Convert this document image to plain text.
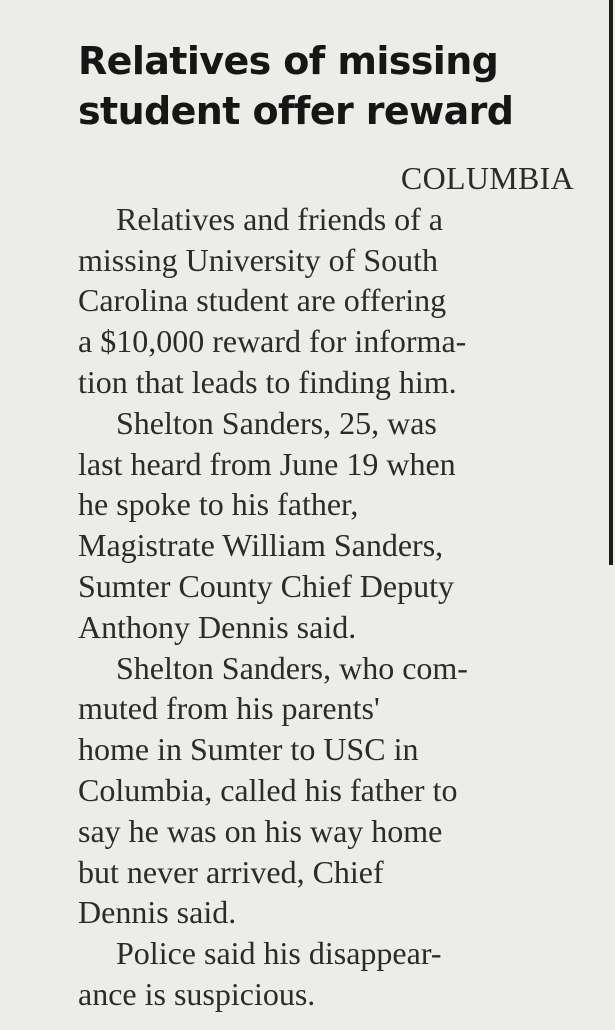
Relatives of missing
student offer reward
COLUMBIA
Relatives and friends of a
missing University of South
Carolina student are offering
a $10,000 reward for informa-
tion that leads to finding him.
Shelton Sanders, 25, was
last heard from June 19 when
he spoke to his father,
Magistrate William Sanders,
Sumter County Chief Deputy
Anthony Dennis said.
Shelton Sanders, who com-
muted from his parents'
home in Sumter to USC in
Columbia, called his father to
say he was on his way home
but never arrived, Chief
Dennis said.
Police said his disappear-
ance is suspicious.
